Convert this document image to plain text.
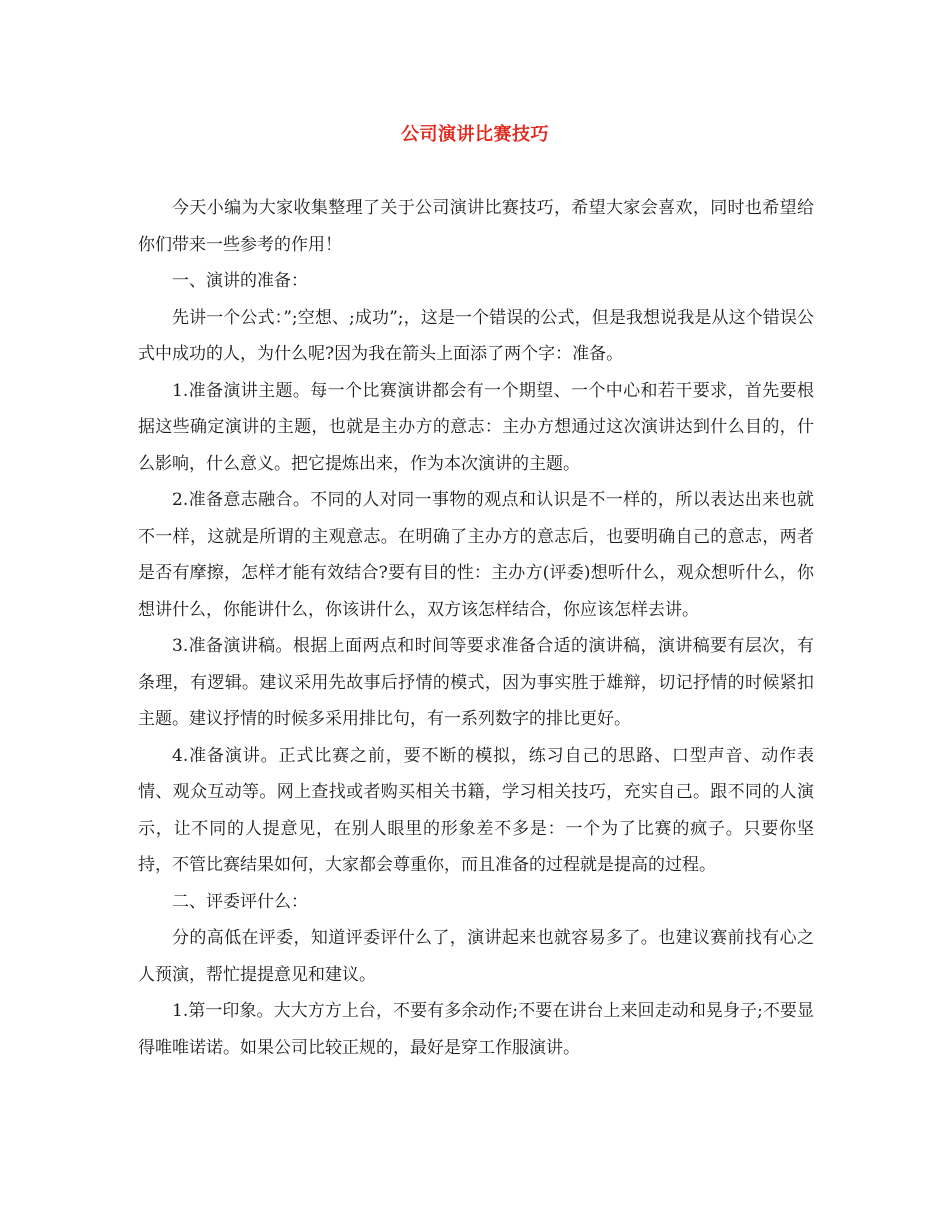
公司演讲比赛技巧

今天小编为大家收集整理了关于公司演讲比赛技巧，希望大家会喜欢，同时也希望给你们带来一些参考的作用！

一、演讲的准备：

先讲一个公式：”;空想、;成功”;，这是一个错误的公式，但是我想说我是从这个错误公式中成功的人，为什么呢?因为我在箭头上面添了两个字：准备。

1.准备演讲主题。每一个比赛演讲都会有一个期望、一个中心和若干要求，首先要根据这些确定演讲的主题，也就是主办方的意志：主办方想通过这次演讲达到什么目的，什么影响，什么意义。把它提炼出来，作为本次演讲的主题。

2.准备意志融合。不同的人对同一事物的观点和认识是不一样的，所以表达出来也就不一样，这就是所谓的主观意志。在明确了主办方的意志后，也要明确自己的意志，两者是否有摩擦，怎样才能有效结合?要有目的性：主办方(评委)想听什么，观众想听什么，你想讲什么，你能讲什么，你该讲什么，双方该怎样结合，你应该怎样去讲。

3.准备演讲稿。根据上面两点和时间等要求准备合适的演讲稿，演讲稿要有层次，有条理，有逻辑。建议采用先故事后抒情的模式，因为事实胜于雄辩，切记抒情的时候紧扣主题。建议抒情的时候多采用排比句，有一系列数字的排比更好。

4.准备演讲。正式比赛之前，要不断的模拟，练习自己的思路、口型声音、动作表情、观众互动等。网上查找或者购买相关书籍，学习相关技巧，充实自己。跟不同的人演示，让不同的人提意见，在别人眼里的形象差不多是：一个为了比赛的疯子。只要你坚持，不管比赛结果如何，大家都会尊重你，而且准备的过程就是提高的过程。

二、评委评什么：

分的高低在评委，知道评委评什么了，演讲起来也就容易多了。也建议赛前找有心之人预演，帮忙提提意见和建议。

1.第一印象。大大方方上台，不要有多余动作;不要在讲台上来回走动和晃身子;不要显得唯唯诺诺。如果公司比较正规的，最好是穿工作服演讲。
